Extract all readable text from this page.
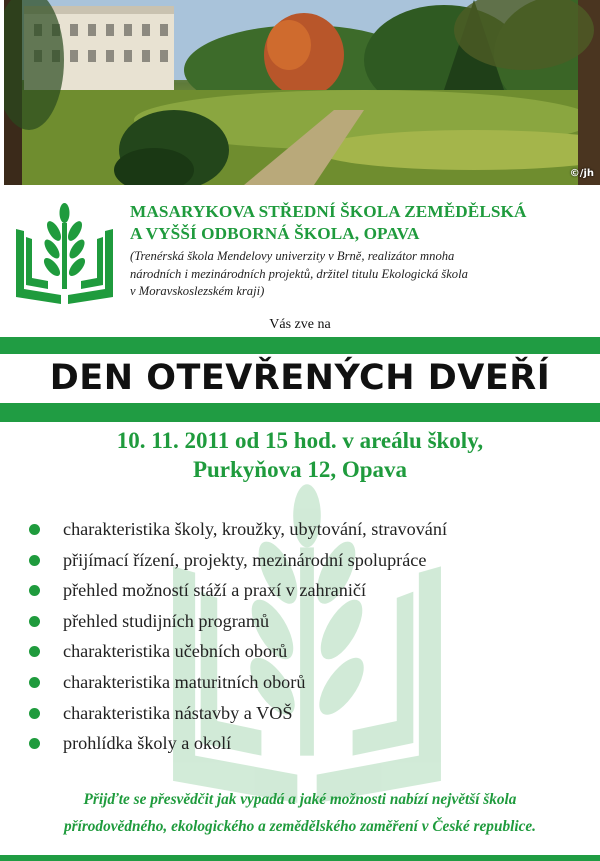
©/jh
MASARYKOVA STŘEDNÍ ŠKOLA ZEMĚDĚLSKÁ
A VYŠŠÍ ODBORNÁ ŠKOLA, OPAVA
(Trenérská škola Mendelovy univerzity v Brně, realizátor mnoha
národních i mezinárodních projektů, držitel titulu Ekologická škola
v Moravskoslezském kraji)
Vás zve na
DEN OTEVŘENÝCH DVEŘÍ
10. 11. 2011 od 15 hod. v areálu školy,
Purkyňova 12, Opava
charakteristika školy, kroužky, ubytování, stravování
přijímací řízení, projekty, mezinárodní spolupráce
přehled možností stáží a praxí v zahraničí
přehled studijních programů
charakteristika učebních oborů
charakteristika maturitních oborů
charakteristika nástavby a VOŠ
prohlídka školy a okolí
Přijďte se přesvědčit jak vypadá a jaké možnosti nabízí největší škola
přírodovědného, ekologického a zemědělského zaměření v České republice.
